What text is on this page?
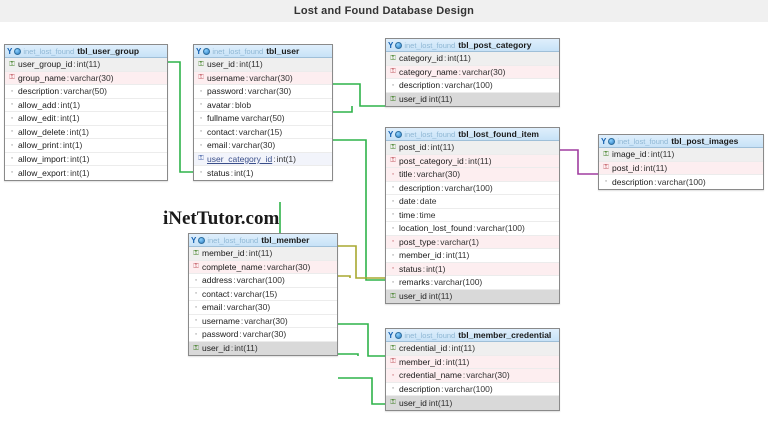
Lost and Found Database Design
iNetTutor.com
Y inet_lost_found tbl_user_group
⚿ user_group_id : int(11)
⚿ group_name : varchar(30)
◦ description : varchar(50)
◦ allow_add : int(1)
◦ allow_edit : int(1)
◦ allow_delete : int(1)
◦ allow_print : int(1)
◦ allow_import : int(1)
◦ allow_export : int(1)
Y inet_lost_found tbl_user
⚿ user_id : int(11)
⚿ username : varchar(30)
◦ password : varchar(30)
◦ avatar : blob
◦ fullname varchar(50)
◦ contact : varchar(15)
◦ email : varchar(30)
⚿ user_category_id : int(1)
◦ status : int(1)
Y inet_lost_found tbl_post_category
⚿ category_id : int(11)
⚿ category_name : varchar(30)
◦ description : varchar(100)
⚿ user_id int(11)
Y inet_lost_found tbl_lost_found_item
⚿ post_id : int(11)
⚿ post_category_id : int(11)
◦ title : varchar(30)
◦ description : varchar(100)
◦ date : date
◦ time : time
◦ location_lost_found : varchar(100)
◦ post_type : varchar(1)
◦ member_id : int(11)
◦ status : int(1)
◦ remarks : varchar(100)
⚿ user_id int(11)
Y inet_lost_found tbl_post_images
⚿ image_id : int(11)
⚿ post_id : int(11)
◦ description : varchar(100)
Y inet_lost_found tbl_member
⚿ member_id : int(11)
⚿ complete_name : varchar(30)
◦ address : varchar(100)
◦ contact : varchar(15)
◦ email : varchar(30)
◦ username : varchar(30)
◦ password : varchar(30)
⚿ user_id : int(11)
Y inet_lost_found tbl_member_credential
⚿ credential_id : int(11)
⚿ member_id : int(11)
◦ credential_name : varchar(30)
◦ description : varchar(100)
⚿ user_id int(11)
